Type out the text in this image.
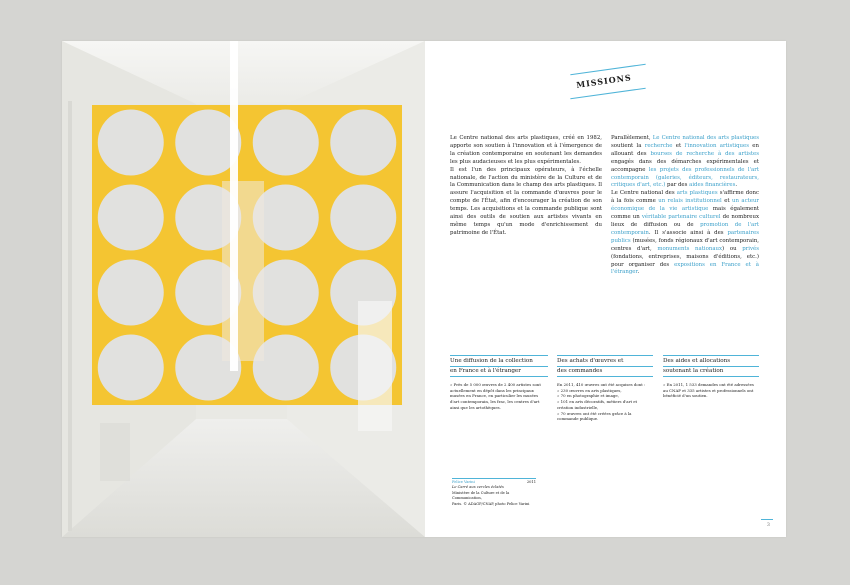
MISSIONS

Le Centre national des arts plastiques, créé en 1982, apporte son soutien à l'innovation et à l'émergence de la création contemporaine en soutenant les demandes les plus audacieuses et les plus expérimentales.

Il est l'un des principaux opérateurs, à l'échelle nationale, de l'action du ministère de la Culture et de la Communication dans le champ des arts plastiques. Il assure l'acquisition et la commande d'œuvres pour le compte de l'État, afin d'encourager la création de son temps. Les acquisitions et la commande publique sont ainsi des outils de soutien aux artistes vivants en même temps qu'un mode d'enrichissement du patrimoine de l'État.

Parallèlement, Le Centre national des arts plastiques soutient la recherche et l'innovation artistiques en allouant des bourses de recherche à des artistes engagés dans des démarches expérimentales et accompagne les projets des professionnels de l'art contemporain (galeries, éditeurs, restaurateurs, critiques d'art, etc.) par des aides financières.

Le Centre national des arts plastiques s'affirme donc à la fois comme un relais institutionnel et un acteur économique de la vie artistique mais également comme un véritable partenaire culturel de nombreux lieux de diffusion ou de promotion de l'art contemporain. Il s'associe ainsi à des partenaires publics (musées, fonds régionaux d'art contemporain, centres d'art, monuments nationaux) ou privés (fondations, entreprises, maisons d'éditions, etc.) pour organiser des expositions en France et à l'étranger.

Une diffusion de la collection
en France et à l'étranger
» Près de 5 000 œuvres de 2 400 artistes sont actuellement en dépôt dans les principaux musées en France, en particulier les musées d'art contemporain, les frac, les centres d'art ainsi que les artothèques.
Des achats d'œuvres et
des commandes
En 2011, 410 œuvres ont été acquises dont :
» 230 œuvres en arts plastiques,
» 70 en photographie et image,
» 101 en arts décoratifs, métiers d'art et création industrielle,
» 70 œuvres ont été créées grâce à la commande publique.
Des aides et allocations
soutenant la création
» En 2011, 1 533 demandes ont été adressées au CNAP et 335 artistes et professionnels ont bénéficié d'un soutien.
Felice Varini	2011
Le Carré aux cercles éclatés
Ministère de la Culture et de la Communication,
Paris. © ADAGP/CNAP, photo Felice Varini
3
